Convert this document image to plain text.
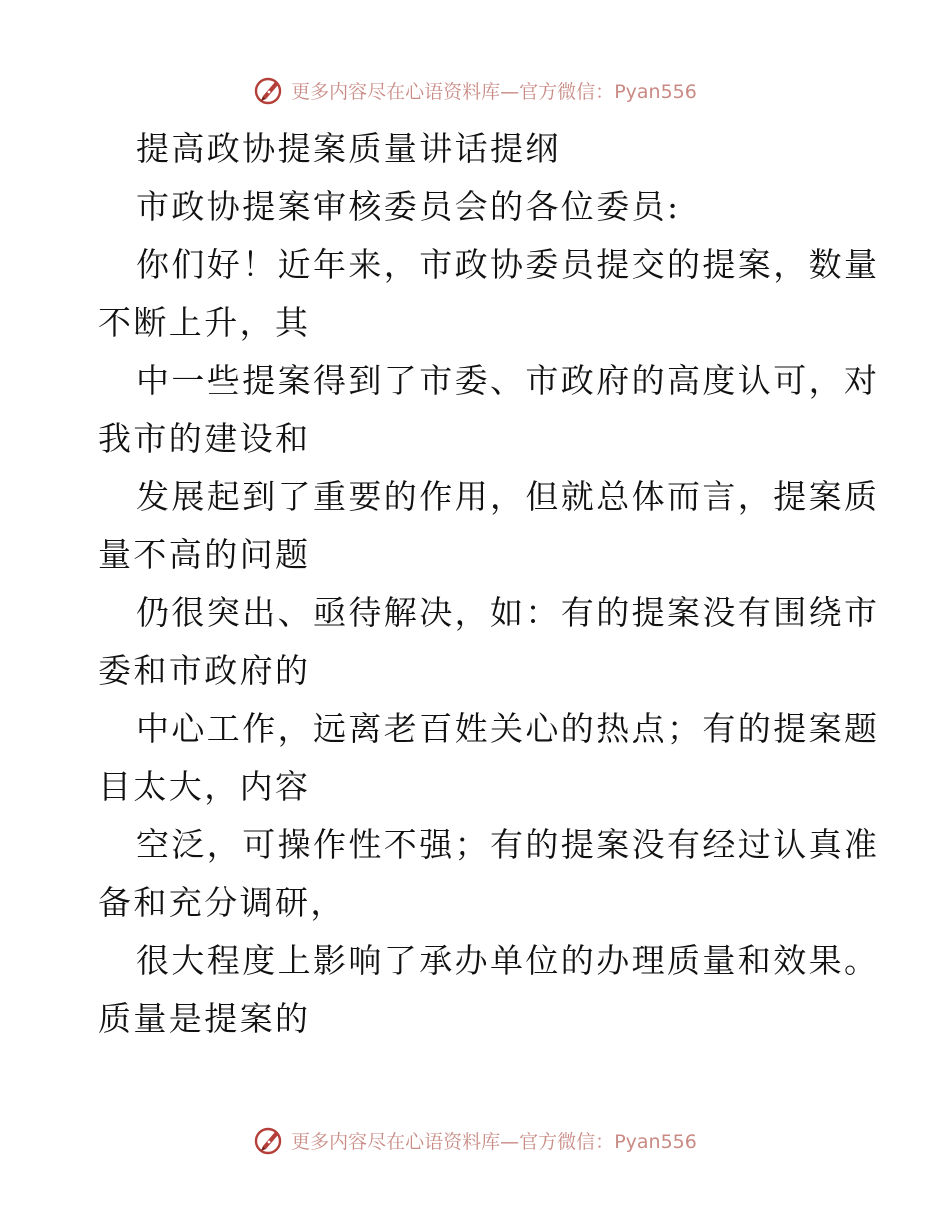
更多内容尽在心语资料库—官方微信：Pyan556
提高政协提案质量讲话提纲
市政协提案审核委员会的各位委员:
你们好！近年来，市政协委员提交的提案，数量
不断上升，其
中一些提案得到了市委、市政府的高度认可，对
我市的建设和
发展起到了重要的作用，但就总体而言，提案质
量不高的问题
仍很突出、亟待解决，如：有的提案没有围绕市
委和市政府的
中心工作，远离老百姓关心的热点；有的提案题
目太大，内容
空泛，可操作性不强；有的提案没有经过认真准
备和充分调研，
很大程度上影响了承办单位的办理质量和效果。
质量是提案的
更多内容尽在心语资料库—官方微信：Pyan556
